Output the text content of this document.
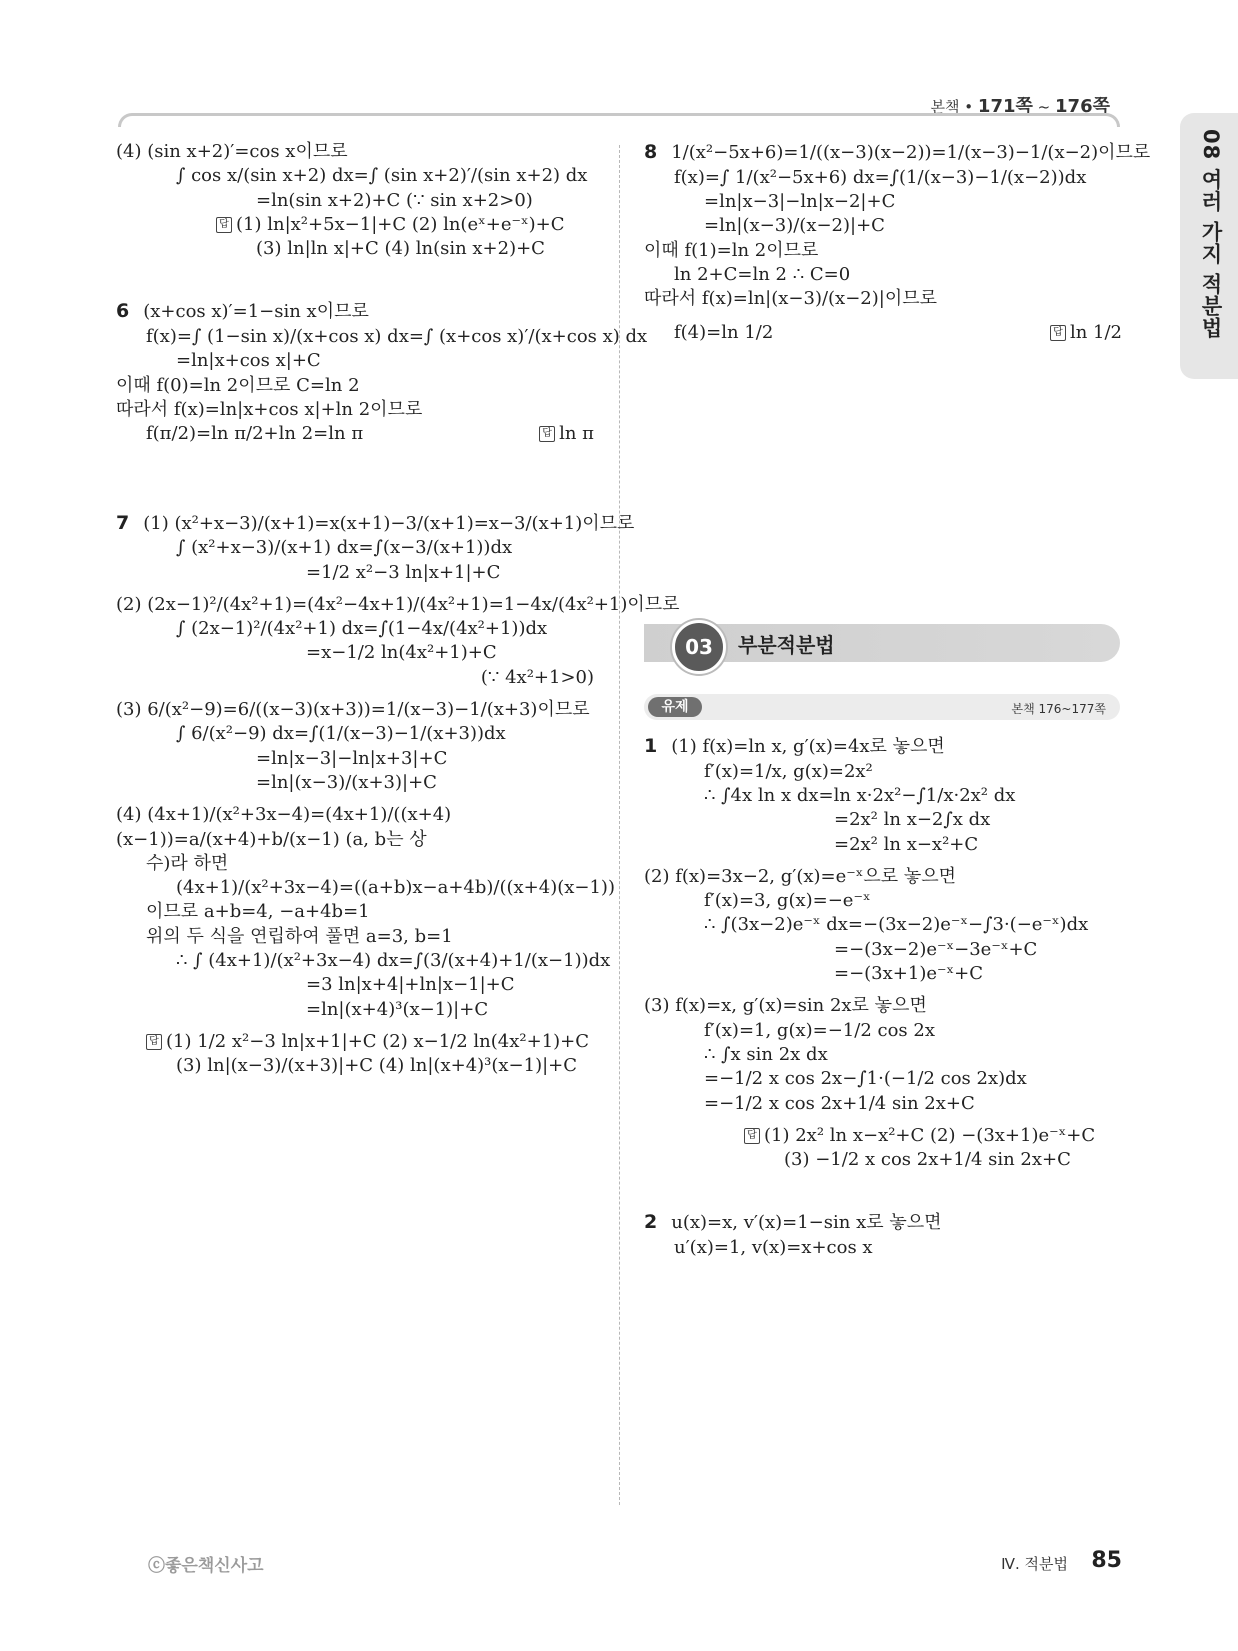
본책 • 171쪽 ~ 176쪽
08 여러 가지 적분법

(4) (sin x+2)′=cos x이므로

∫ cos x/(sin x+2) dx=∫ (sin x+2)′/(sin x+2) dx

=ln(sin x+2)+C (∵ sin x+2>0)

답 (1) ln|x²+5x−1|+C (2) ln(eˣ+e⁻ˣ)+C

(3) ln|ln x|+C (4) ln(sin x+2)+C

6 (x+cos x)′=1−sin x이므로

f(x)=∫ (1−sin x)/(x+cos x) dx=∫ (x+cos x)′/(x+cos x) dx

=ln|x+cos x|+C

이때 f(0)=ln 2이므로 C=ln 2

따라서 f(x)=ln|x+cos x|+ln 2이므로

f(π/2)=ln π/2+ln 2=ln π	답 ln π

7 (1) (x²+x−3)/(x+1)=x(x+1)−3/(x+1)=x−3/(x+1)이므로

∫ (x²+x−3)/(x+1) dx=∫(x−3/(x+1))dx

=1/2 x²−3 ln|x+1|+C

(2) (2x−1)²/(4x²+1)=(4x²−4x+1)/(4x²+1)=1−4x/(4x²+1)이므로

∫ (2x−1)²/(4x²+1) dx=∫(1−4x/(4x²+1))dx

=x−1/2 ln(4x²+1)+C

(∵ 4x²+1>0)

(3) 6/(x²−9)=6/((x−3)(x+3))=1/(x−3)−1/(x+3)이므로

∫ 6/(x²−9) dx=∫(1/(x−3)−1/(x+3))dx

=ln|x−3|−ln|x+3|+C

=ln|(x−3)/(x+3)|+C

(4) (4x+1)/(x²+3x−4)=(4x+1)/((x+4)(x−1))=a/(x+4)+b/(x−1) (a, b는 상

수)라 하면

(4x+1)/(x²+3x−4)=((a+b)x−a+4b)/((x+4)(x−1))

이므로 a+b=4, −a+4b=1

위의 두 식을 연립하여 풀면 a=3, b=1

∴ ∫ (4x+1)/(x²+3x−4) dx=∫(3/(x+4)+1/(x−1))dx

=3 ln|x+4|+ln|x−1|+C

=ln|(x+4)³(x−1)|+C

답 (1) 1/2 x²−3 ln|x+1|+C (2) x−1/2 ln(4x²+1)+C

(3) ln|(x−3)/(x+3)|+C (4) ln|(x+4)³(x−1)|+C

8 1/(x²−5x+6)=1/((x−3)(x−2))=1/(x−3)−1/(x−2)이므로

f(x)=∫ 1/(x²−5x+6) dx=∫(1/(x−3)−1/(x−2))dx

=ln|x−3|−ln|x−2|+C

=ln|(x−3)/(x−2)|+C

이때 f(1)=ln 2이므로

ln 2+C=ln 2 ∴ C=0

따라서 f(x)=ln|(x−3)/(x−2)|이므로

f(4)=ln 1/2	답 ln 1/2

03	부분적분법
유제	본책 176~177쪽

1 (1) f(x)=ln x, g′(x)=4x로 놓으면

f′(x)=1/x, g(x)=2x²

∴ ∫4x ln x dx=ln x·2x²−∫1/x·2x² dx

=2x² ln x−2∫x dx

=2x² ln x−x²+C

(2) f(x)=3x−2, g′(x)=e⁻ˣ으로 놓으면

f′(x)=3, g(x)=−e⁻ˣ

∴ ∫(3x−2)e⁻ˣ dx=−(3x−2)e⁻ˣ−∫3·(−e⁻ˣ)dx

=−(3x−2)e⁻ˣ−3e⁻ˣ+C

=−(3x+1)e⁻ˣ+C

(3) f(x)=x, g′(x)=sin 2x로 놓으면

f′(x)=1, g(x)=−1/2 cos 2x

∴ ∫x sin 2x dx

=−1/2 x cos 2x−∫1·(−1/2 cos 2x)dx

=−1/2 x cos 2x+1/4 sin 2x+C

답 (1) 2x² ln x−x²+C (2) −(3x+1)e⁻ˣ+C

(3) −1/2 x cos 2x+1/4 sin 2x+C

2 u(x)=x, v′(x)=1−sin x로 놓으면

u′(x)=1, v(x)=x+cos x

ⓒ좋은책신사고	Ⅳ. 적분법 85
